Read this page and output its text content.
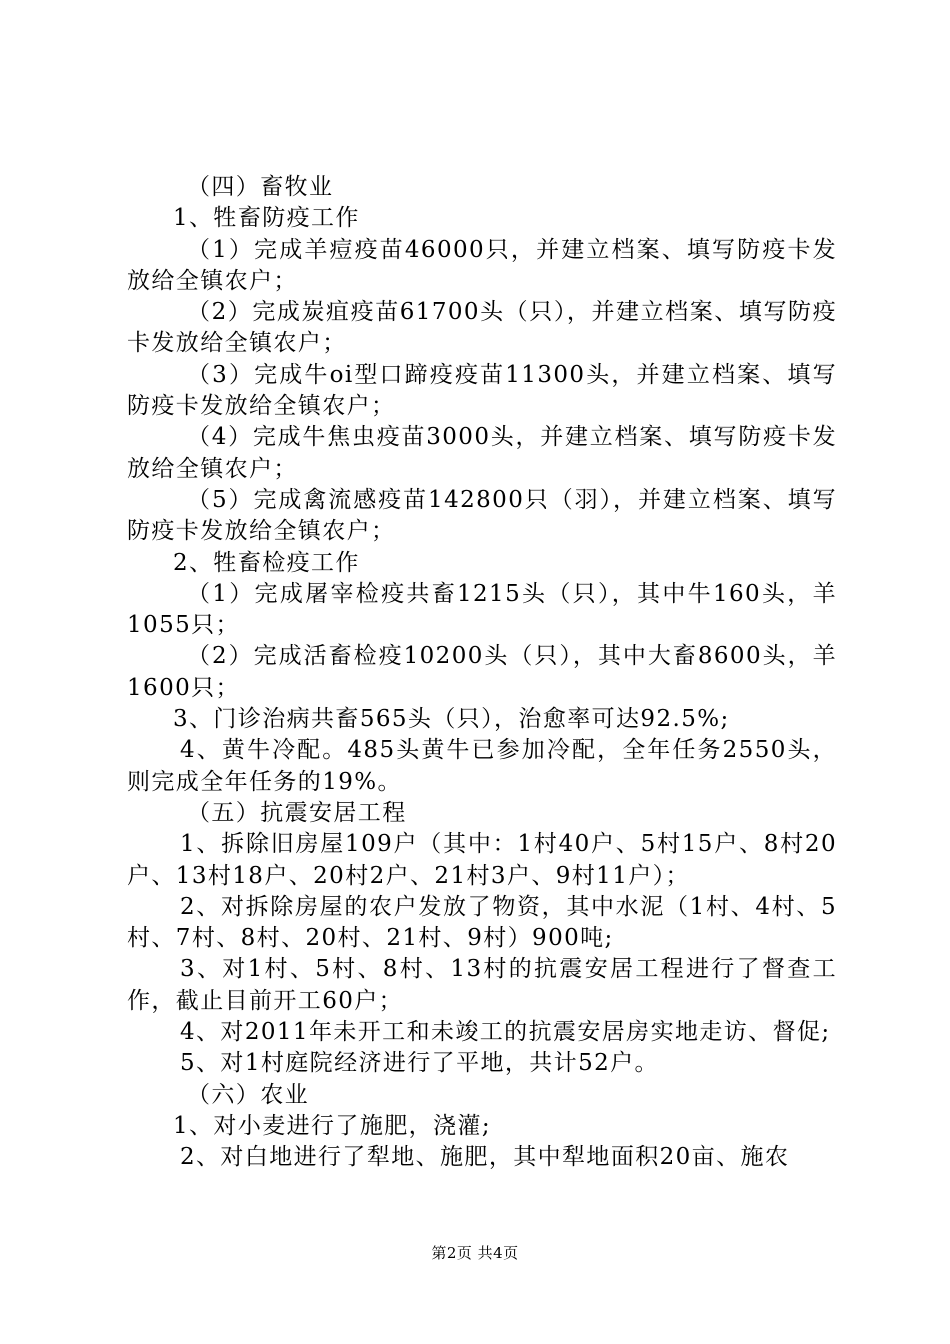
（四）畜牧业

1、牲畜防疫工作

（1）完成羊痘疫苗46000只，并建立档案、填写防疫卡发放给全镇农户；

（2）完成炭疽疫苗61700头（只），并建立档案、填写防疫卡发放给全镇农户；

（3）完成牛oi型口蹄疫疫苗11300头，并建立档案、填写防疫卡发放给全镇农户；

（4）完成牛焦虫疫苗3000头，并建立档案、填写防疫卡发放给全镇农户；

（5）完成禽流感疫苗142800只（羽），并建立档案、填写防疫卡发放给全镇农户；

2、牲畜检疫工作

（1）完成屠宰检疫共畜1215头（只），其中牛160头，羊1055只；

（2）完成活畜检疫10200头（只），其中大畜8600头，羊1600只；

3、门诊治病共畜565头（只），治愈率可达92.5%;

4、黄牛冷配。485头黄牛已参加冷配，全年任务2550头，则完成全年任务的19%。

（五）抗震安居工程

1、拆除旧房屋109户（其中：1村40户、5村15户、8村20户、13村18户、20村2户、21村3户、9村11户）；

2、对拆除房屋的农户发放了物资，其中水泥（1村、4村、5村、7村、8村、20村、21村、9村）900吨;

3、对1村、5村、8村、13村的抗震安居工程进行了督查工作，截止目前开工60户；

4、对2011年未开工和未竣工的抗震安居房实地走访、督促;

5、对1村庭院经济进行了平地，共计52户。

（六）农业

1、对小麦进行了施肥，浇灌;

2、对白地进行了犁地、施肥，其中犁地面积20亩、施农

第2页 共4页
